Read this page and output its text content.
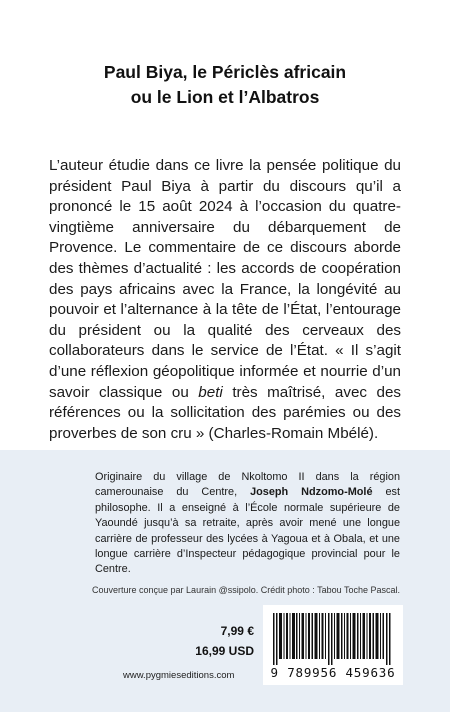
Paul Biya, le Périclès africain
ou le Lion et l’Albatros

L’auteur étudie dans ce livre la pensée politique du président Paul Biya à partir du discours qu’il a prononcé le 15 août 2024 à l’occasion du quatre-vingtième anniversaire du débarquement de Provence. Le commentaire de ce discours aborde des thèmes d’actualité : les accords de coopération des pays africains avec la France, la longévité au pouvoir et l’alternance à la tête de l’État, l’entourage du président ou la qualité des cerveaux des collaborateurs dans le service de l’État. « Il s’agit d’une réflexion géopolitique informée et nourrie d’un savoir classique ou beti très maîtrisé, avec des références ou la sollicitation des parémies ou des proverbes de son cru » (Charles-Romain Mbélé).

Originaire du village de Nkoltomo II dans la région camerounaise du Centre, Joseph Ndzomo-Molé est philosophe. Il a enseigné à l’École normale supérieure de Yaoundé jusqu’à sa retraite, après avoir mené une longue carrière de professeur des lycées à Yagoua et à Obala, et une longue carrière d’Inspecteur pédagogique provincial pour le Centre.

Couverture conçue par Laurain @ssipolo. Crédit photo : Tabou Toche Pascal.
7,99 €
16,99 USD
www.pygmieseditions.com	9 789956 459636
